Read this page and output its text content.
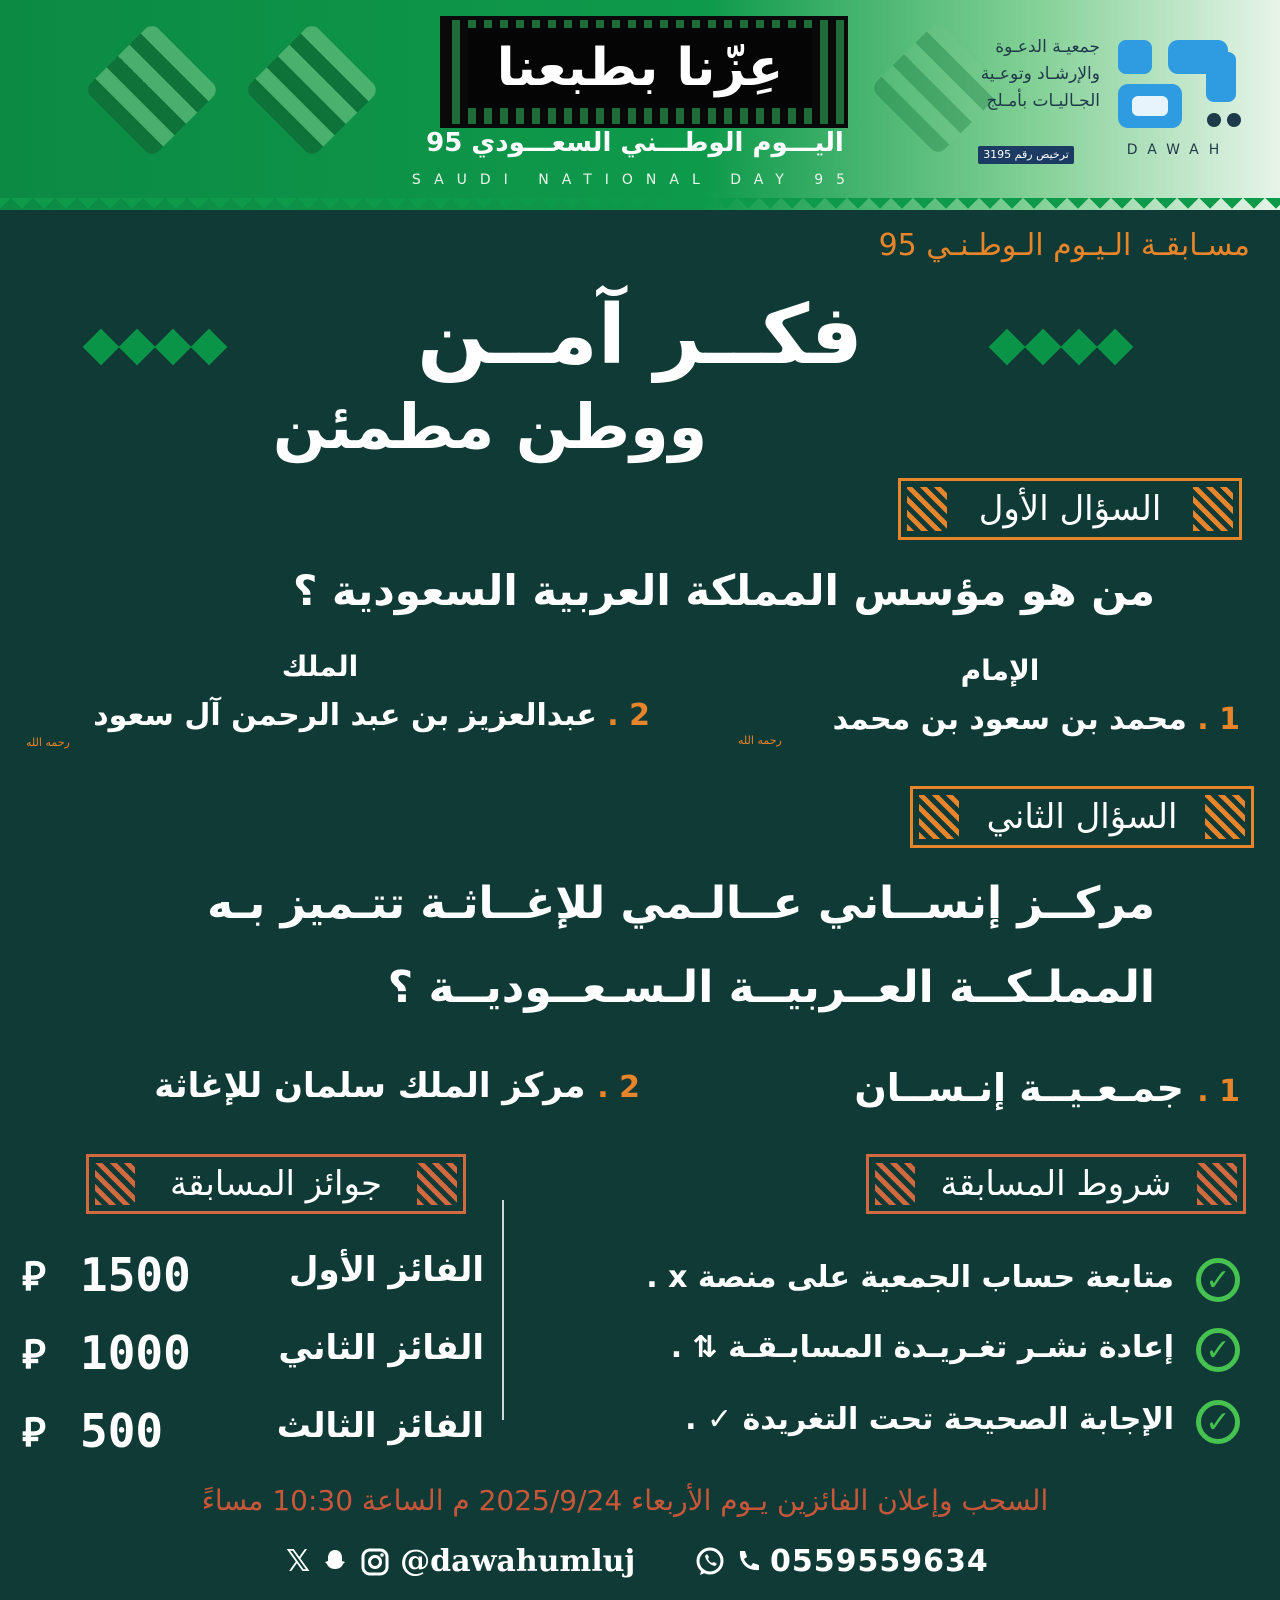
عِزّنا بطبعنا
اليـــوم الوطـــني السعـــودي 95
SAUDI NATIONAL DAY 95
جمعيـة الدعـوة
والإرشـاد وتوعـية
الجـاليـات بأمـلج
ترخيص رقم 3195	DAWAH
مسـابقـة الـيـوم الـوطـنـي 95
فكــر آمــن
ووطن مطمئن
السؤال الأول
من هو مؤسس المملكة العربية السعودية ؟
الملك	الإمام
2 . عبدالعزيز بن عبد الرحمن آل سعود
رحمه الله
1 . محمد بن سعود بن محمد
رحمه الله
السؤال الثاني
مركــز إنســاني عــالـمي للإغــاثـة تتـميز بـه
المملـكــة العــربيــة الـسـعــوديــة ؟
2 . مركز الملك سلمان للإغاثة	1 . جمـعـيــة إنـســان
جوائز المسابقة	شروط المسابقة
⃁ 1500	الفائز الأول
⃁ 1000	الفائز الثاني
⃁ 500	الفائز الثالث
✓
متابعة حساب الجمعية على منصة x .
✓
إعادة نشـر تغـريـدة المسابـقـة ⇅ .
✓
الإجابة الصحيحة تحت التغريدة ✓ .
السحب وإعلان الفائزين يـوم الأربعاء 2025/9/24 م الساعة 10:30 مساءً
𝕏	@dawahumluj	0559559634
